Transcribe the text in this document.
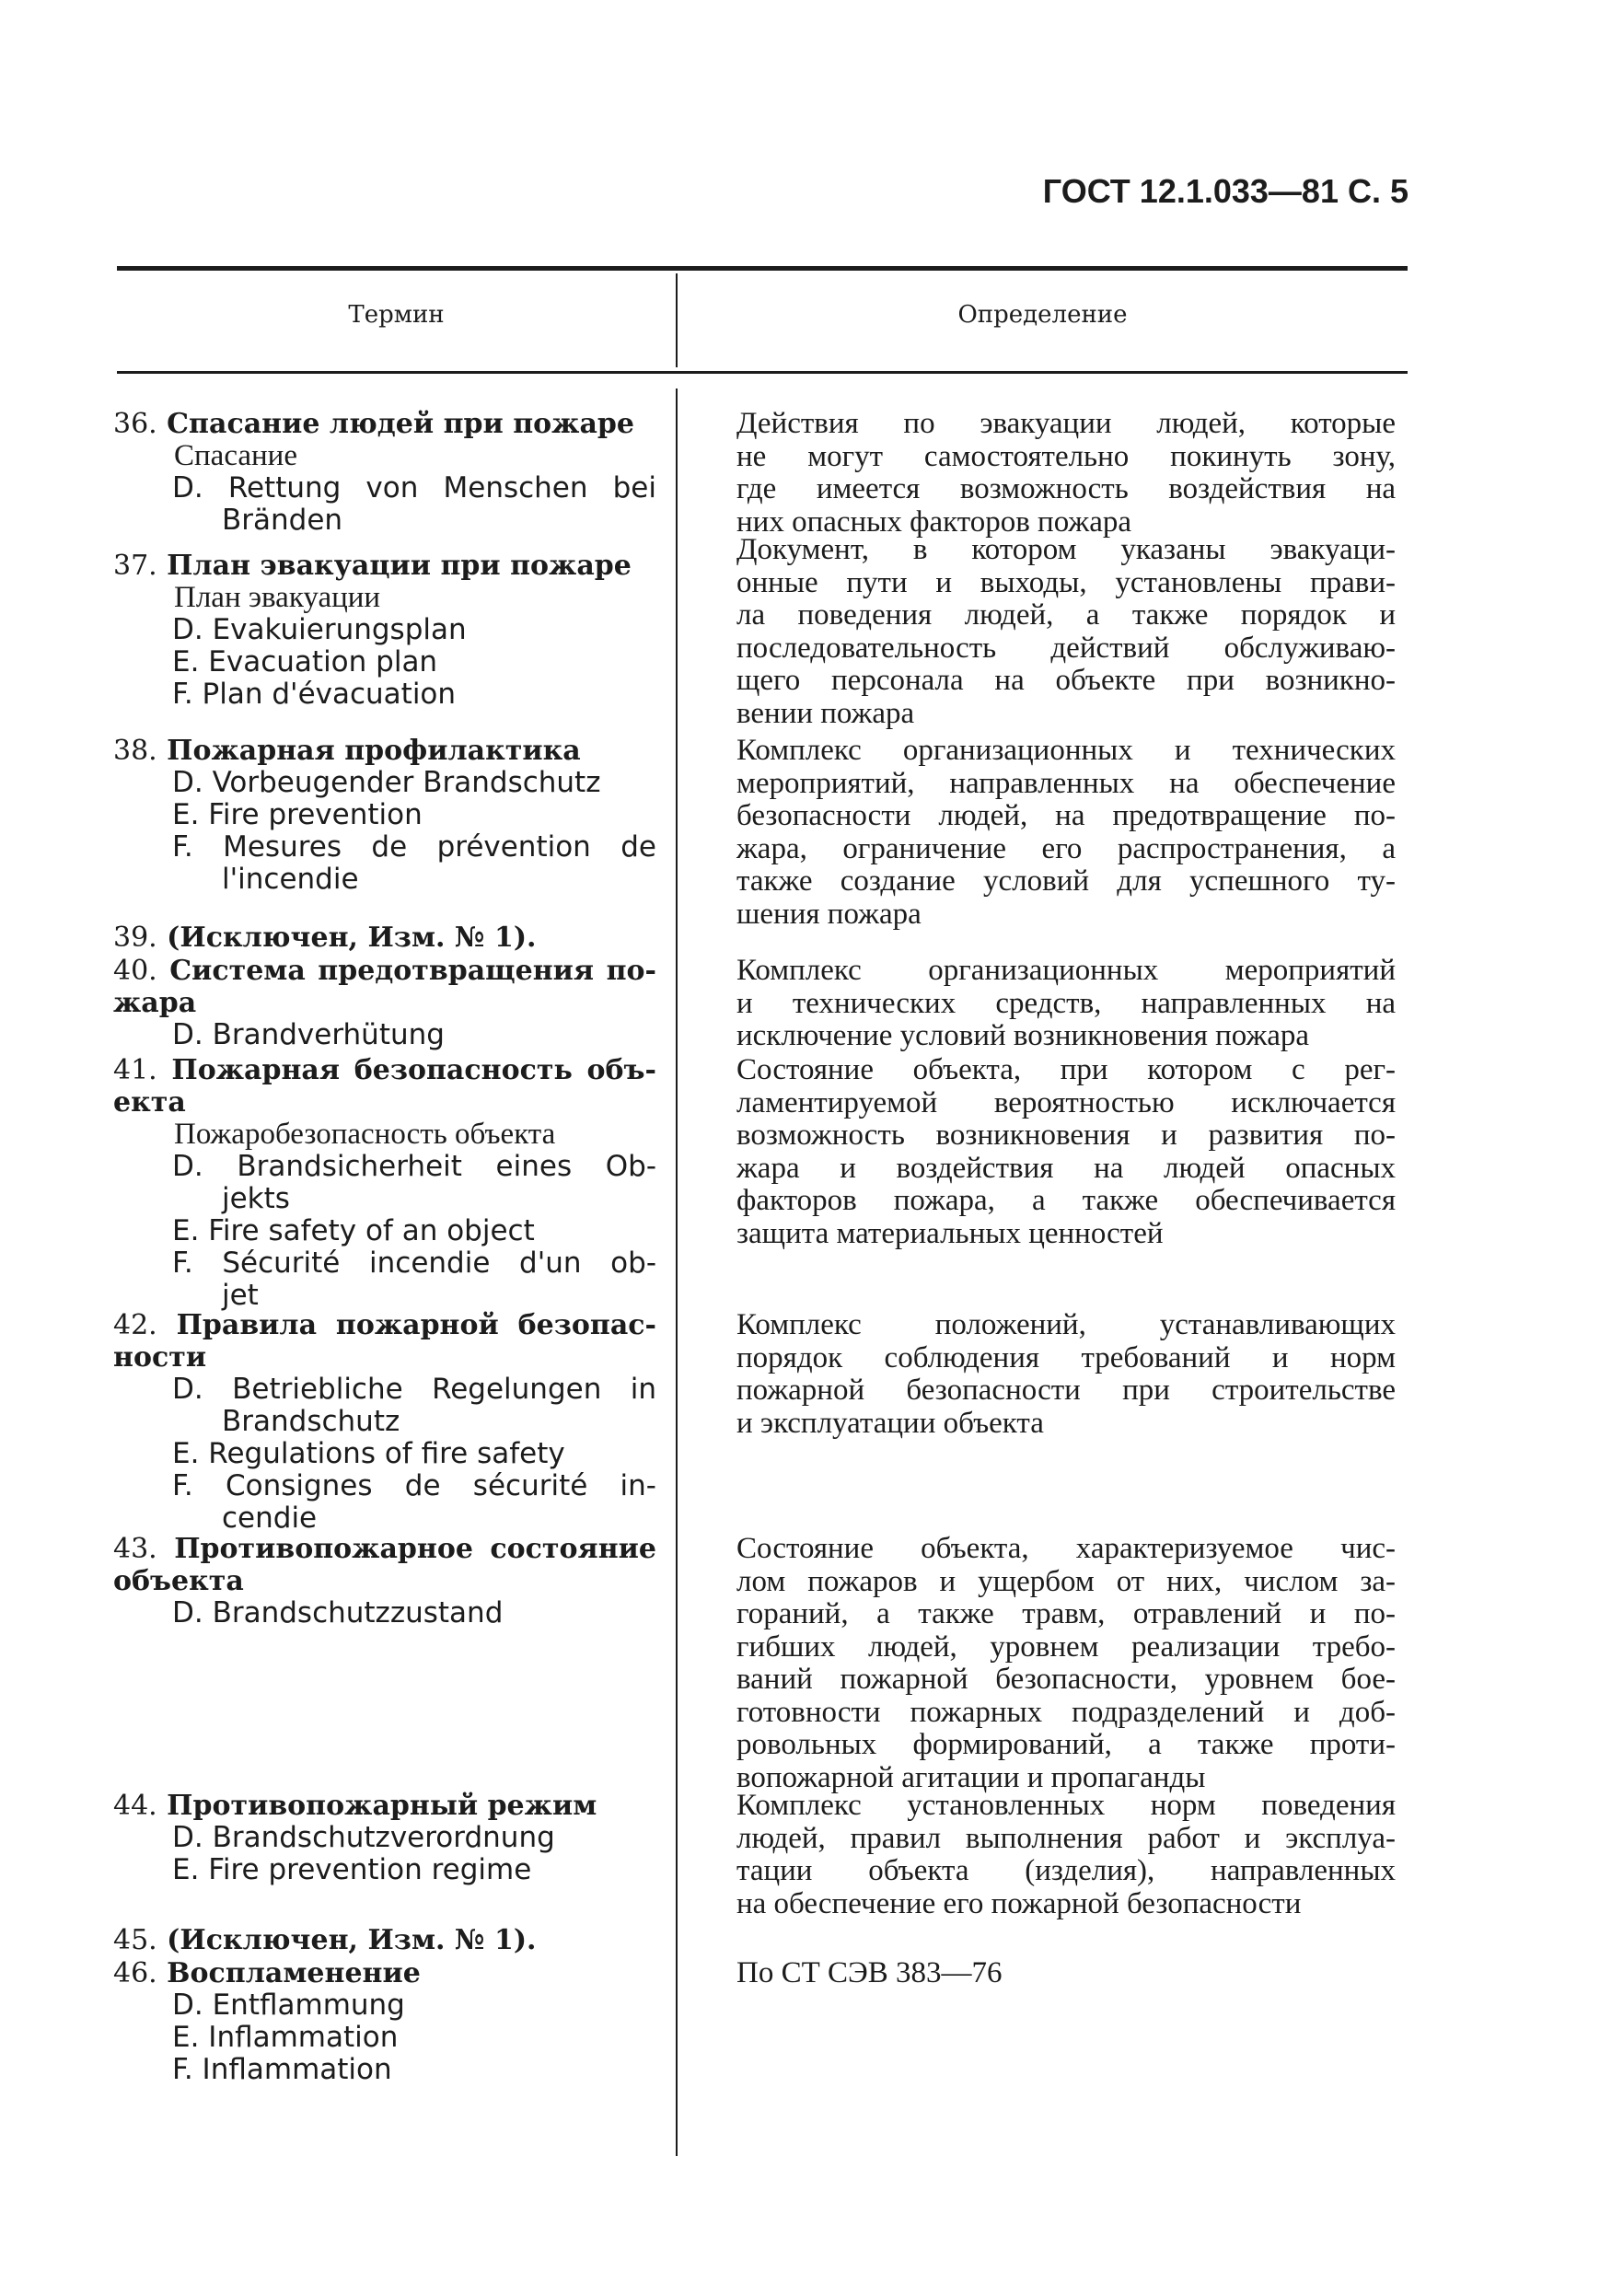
ГОСТ 12.1.033—81 С. 5
Термин	Определение
36. Спасание людей при пожаре
Спасание
D. Rettung von Menschen bei
Bränden
37. План эвакуации при пожаре
План эвакуации
D. Evakuierungsplan
E. Evacuation plan
F. Plan d'évacuation
38. Пожарная профилактика
D. Vorbeugender Brandschutz
E. Fire prevention
F. Mesures de prévention de
l'incendie
39. (Исключен, Изм. № 1).
40. Система предотвращения по-
жара
D. Brandverhütung
41. Пожарная безопасность объ-
екта
Пожаробезопасность объекта
D. Brandsicherheit eines Ob-
jekts
E. Fire safety of an object
F. Sécurité incendie d'un ob-
jet
42. Правила пожарной безопас-
ности
D. Betriebliche Regelungen in
Brandschutz
E. Regulations of fire safety
F. Consignes de sécurité in-
cendie
43. Противопожарное состояние
объекта
D. Brandschutzzustand
44. Противопожарный режим
D. Brandschutzverordnung
E. Fire prevention regime
45. (Исключен, Изм. № 1).
46. Воспламенение
D. Entflammung
E. Inflammation
F. Inflammation
Действия по эвакуации людей, которые
не могут самостоятельно покинуть зону,
где имеется возможность воздействия на
них опасных факторов пожара
Документ, в котором указаны эвакуаци-
онные пути и выходы, установлены прави-
ла поведения людей, а также порядок и
последовательность действий обслуживаю-
щего персонала на объекте при возникно-
вении пожара
Комплекс организационных и технических
мероприятий, направленных на обеспечение
безопасности людей, на предотвращение по-
жара, ограничение его распространения, а
также создание условий для успешного ту-
шения пожара
Комплекс организационных мероприятий
и технических средств, направленных на
исключение условий возникновения пожара
Состояние объекта, при котором с рег-
ламентируемой вероятностью исключается
возможность возникновения и развития по-
жара и воздействия на людей опасных
факторов пожара, а также обеспечивается
защита материальных ценностей
Комплекс положений, устанавливающих
порядок соблюдения требований и норм
пожарной безопасности при строительстве
и эксплуатации объекта
Состояние объекта, характеризуемое чис-
лом пожаров и ущербом от них, числом за-
гораний, а также травм, отравлений и по-
гибших людей, уровнем реализации требо-
ваний пожарной безопасности, уровнем бое-
готовности пожарных подразделений и доб-
ровольных формирований, а также проти-
вопожарной агитации и пропаганды
Комплекс установленных норм поведения
людей, правил выполнения работ и эксплуа-
тации объекта (изделия), направленных
на обеспечение его пожарной безопасности
По СТ СЭВ 383—76
